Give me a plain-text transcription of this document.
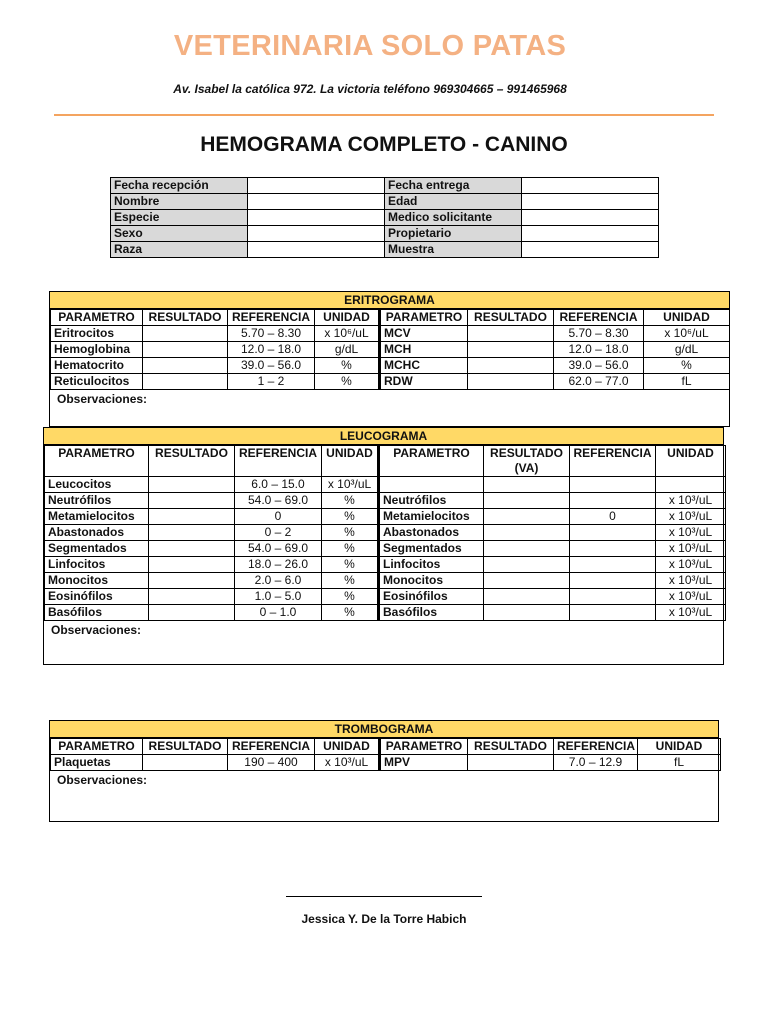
VETERINARIA SOLO PATAS
Av. Isabel la católica 972. La victoria teléfono 969304665 – 991465968
HEMOGRAMA COMPLETO - CANINO
Fecha recepción		Fecha entrega	
Nombre		Edad	
Especie		Medico solicitante	
Sexo		Propietario	
Raza		Muestra	
ERITROGRAMA
PARAMETRO	RESULTADO	REFERENCIA	UNIDAD	PARAMETRO	RESULTADO	REFERENCIA	UNIDAD
Eritrocitos		5.70 – 8.30	x 10⁶/uL	MCV		5.70 – 8.30	x 10⁶/uL
Hemoglobina		12.0 – 18.0	g/dL	MCH		12.0 – 18.0	g/dL
Hematocrito		39.0 – 56.0	%	MCHC		39.0 – 56.0	%
Reticulocitos		1 – 2	%	RDW		62.0 – 77.0	fL
Observaciones:
LEUCOGRAMA
PARAMETRO	RESULTADO	REFERENCIA	UNIDAD	PARAMETRO	RESULTADO (VA)	REFERENCIA	UNIDAD
Leucocitos		6.0 – 15.0	x 10³/uL				
Neutrófilos		54.0 – 69.0	%	Neutrófilos			x 10³/uL
Metamielocitos		0	%	Metamielocitos		0	x 10³/uL
Abastonados		0 – 2	%	Abastonados			x 10³/uL
Segmentados		54.0 – 69.0	%	Segmentados			x 10³/uL
Linfocitos		18.0 – 26.0	%	Linfocitos			x 10³/uL
Monocitos		2.0 – 6.0	%	Monocitos			x 10³/uL
Eosinófilos		1.0 – 5.0	%	Eosinófilos			x 10³/uL
Basófilos		0 – 1.0	%	Basófilos			x 10³/uL
Observaciones:
TROMBOGRAMA
PARAMETRO	RESULTADO	REFERENCIA	UNIDAD	PARAMETRO	RESULTADO	REFERENCIA	UNIDAD
Plaquetas		190 – 400	x 10³/uL	MPV		7.0 – 12.9	fL
Observaciones:
Jessica Y. De la Torre Habich
